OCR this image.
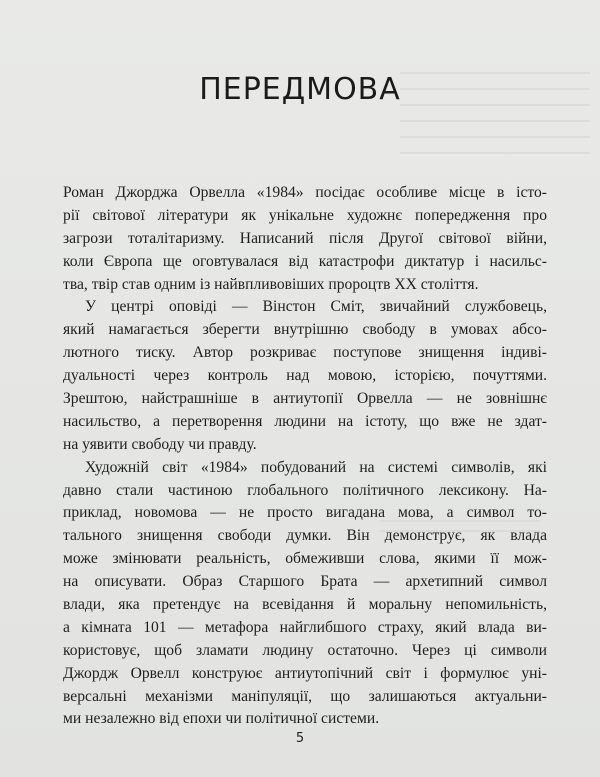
ПЕРЕДМОВА
Роман Джорджа Орвелла «1984» посідає особливе місце в істо-
рії світової літератури як унікальне художнє попередження про
загрози тоталітаризму. Написаний після Другої світової війни,
коли Європа ще оговтувалася від катастрофи диктатур і насильс-
тва, твір став одним із найвпливовіших пророцтв XX століття.
У центрі оповіді — Вінстон Сміт, звичайний службовець,
який намагається зберегти внутрішню свободу в умовах абсо-
лютного тиску. Автор розкриває поступове знищення індиві-
дуальності через контроль над мовою, історією, почуттями.
Зрештою, найстрашніше в антиутопії Орвелла — не зовнішнє
насильство, а перетворення людини на істоту, що вже не здат-
на уявити свободу чи правду.
Художній світ «1984» побудований на системі символів, які
давно стали частиною глобального політичного лексикону. На-
приклад, новомова — не просто вигадана мова, а символ то-
тального знищення свободи думки. Він демонструє, як влада
може змінювати реальність, обмеживши слова, якими її мож-
на описувати. Образ Старшого Брата — архетипний символ
влади, яка претендує на всевідання й моральну непомильність,
а кімната 101 — метафора найглибшого страху, який влада ви-
користовує, щоб зламати людину остаточно. Через ці символи
Джордж Орвелл конструює антиутопічний світ і формулює уні-
версальні механізми маніпуляції, що залишаються актуальни-
ми незалежно від епохи чи політичної системи.
5
